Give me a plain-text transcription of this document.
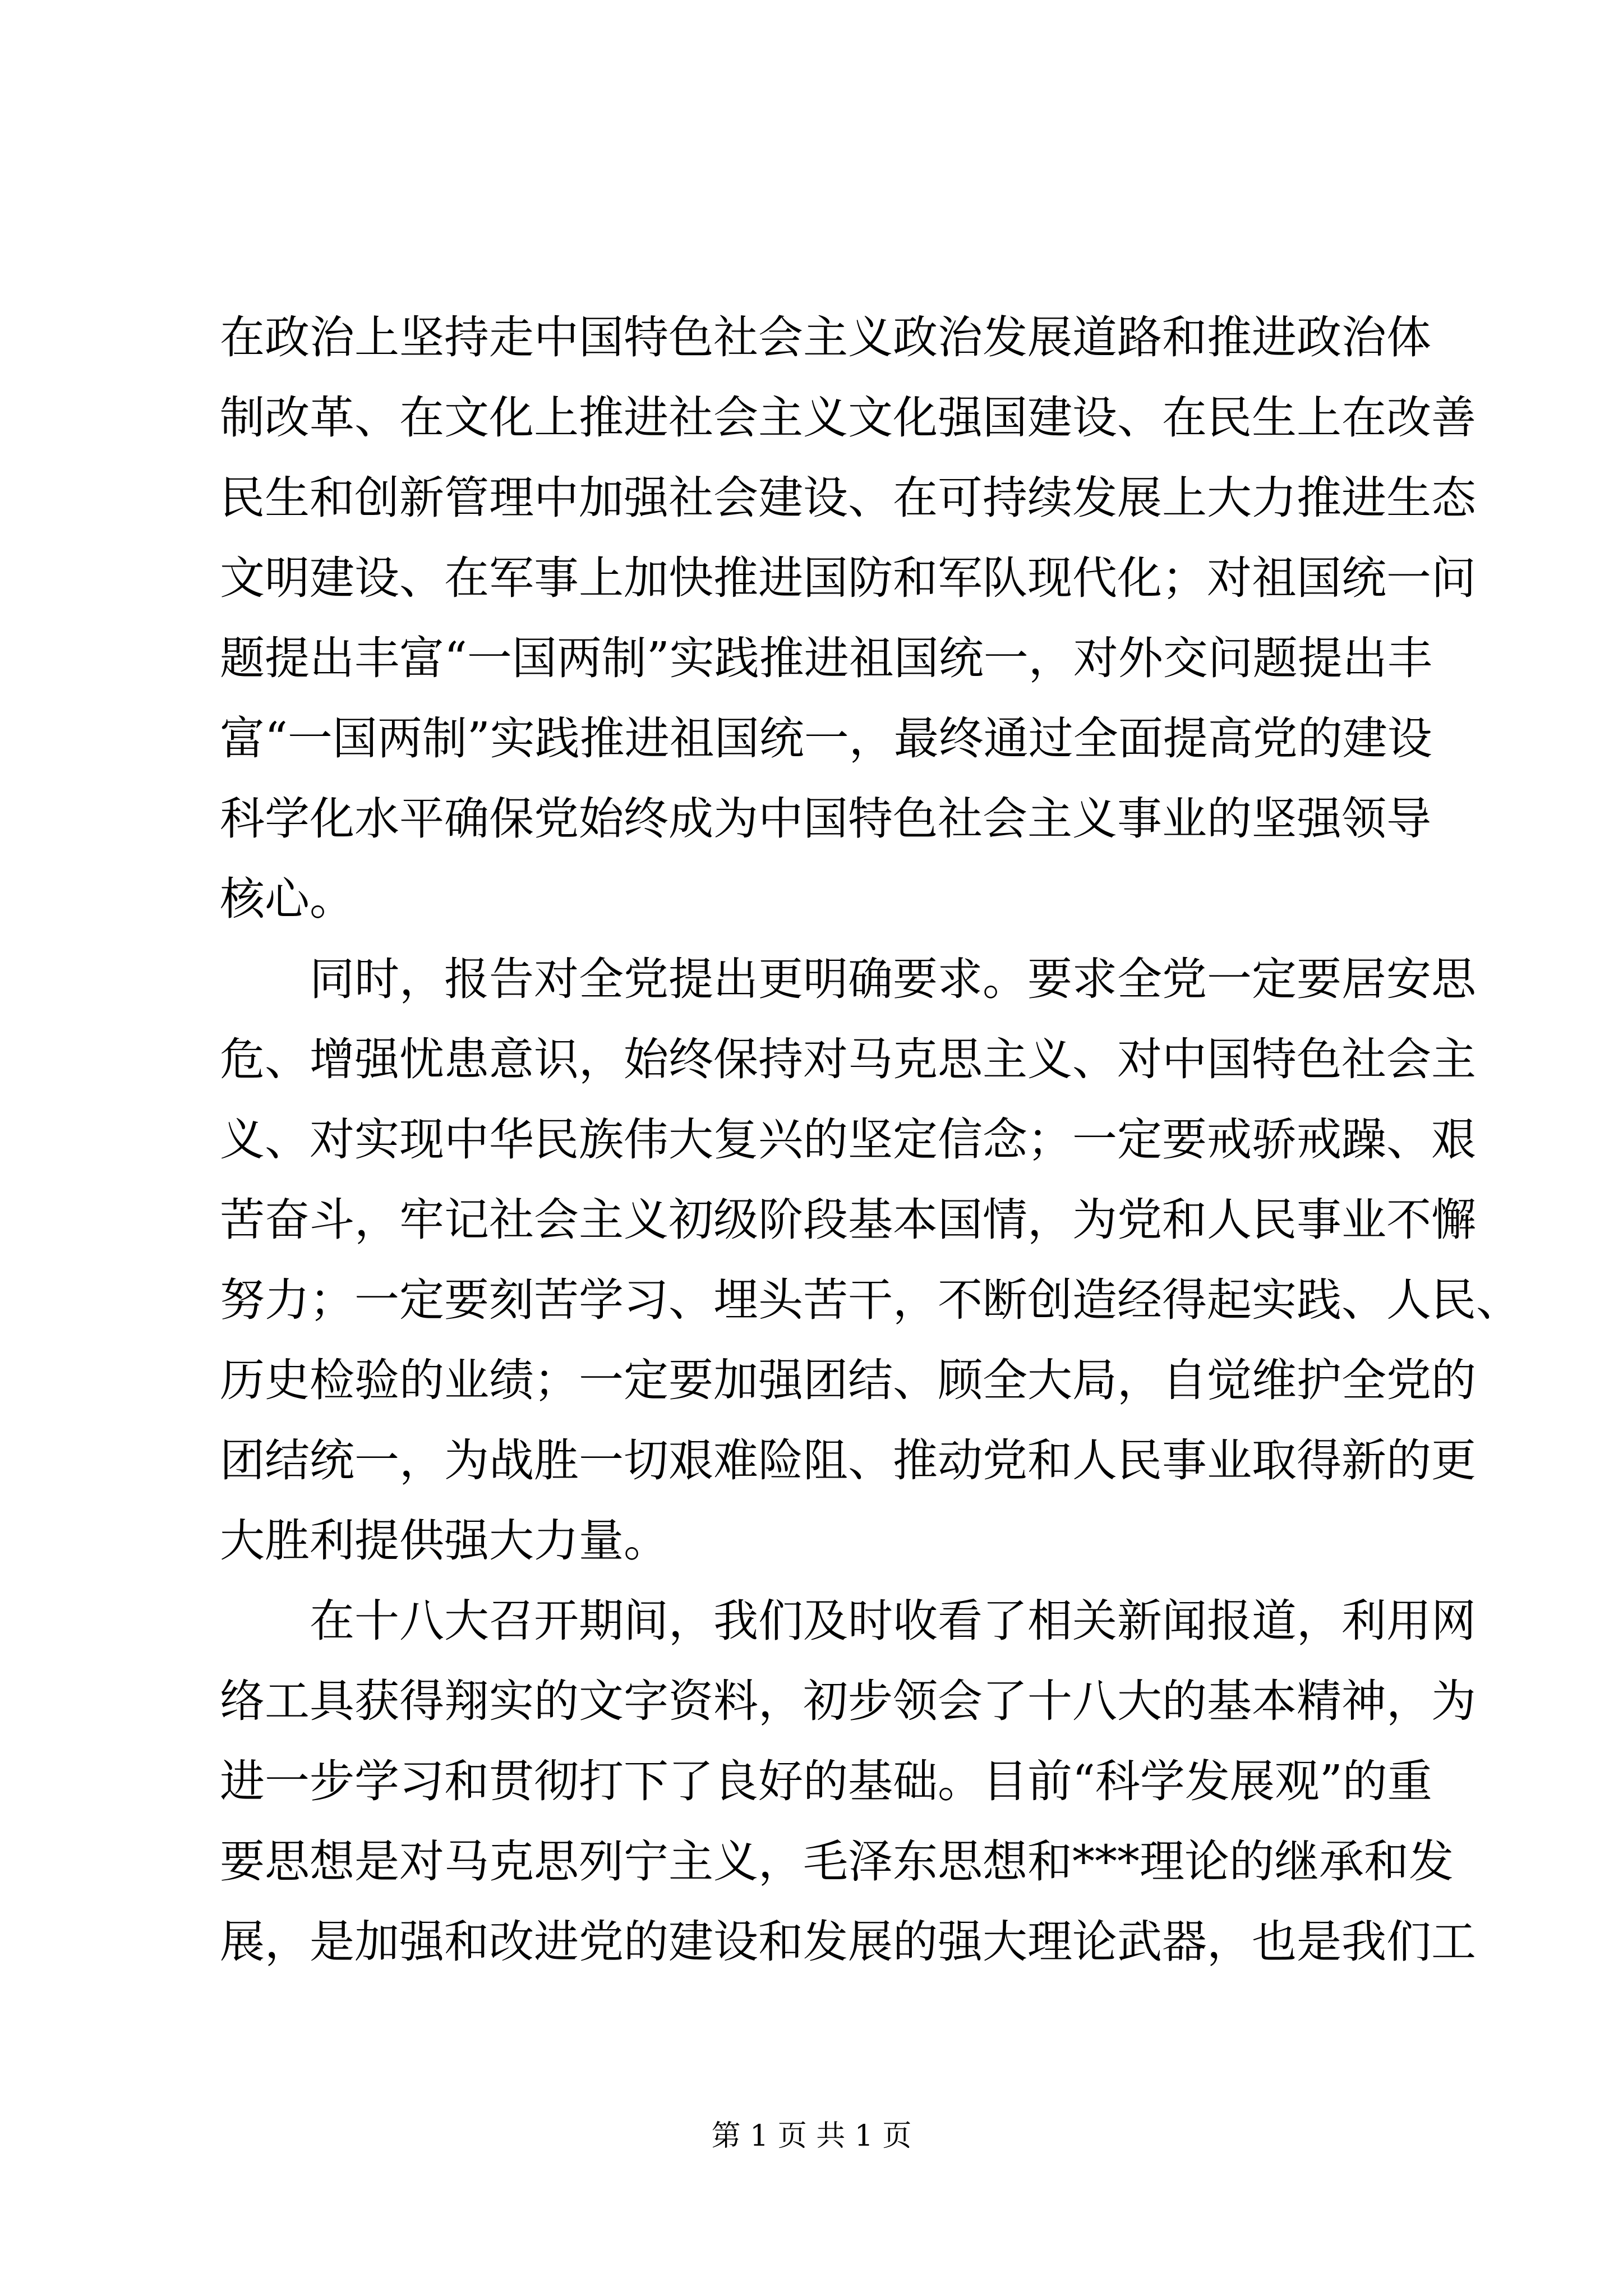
在政治上坚持走中国特色社会主义政治发展道路和推进政治体
制改革、在文化上推进社会主义文化强国建设、在民生上在改善
民生和创新管理中加强社会建设、在可持续发展上大力推进生态
文明建设、在军事上加快推进国防和军队现代化；对祖国统一问
题提出丰富“一国两制”实践推进祖国统一，对外交问题提出丰
富“一国两制”实践推进祖国统一，最终通过全面提高党的建设
科学化水平确保党始终成为中国特色社会主义事业的坚强领导
核心。
同时，报告对全党提出更明确要求。要求全党一定要居安思
危、增强忧患意识，始终保持对马克思主义、对中国特色社会主
义、对实现中华民族伟大复兴的坚定信念；一定要戒骄戒躁、艰
苦奋斗，牢记社会主义初级阶段基本国情，为党和人民事业不懈
努力；一定要刻苦学习、埋头苦干，不断创造经得起实践、人民、
历史检验的业绩；一定要加强团结、顾全大局，自觉维护全党的
团结统一，为战胜一切艰难险阻、推动党和人民事业取得新的更
大胜利提供强大力量。
在十八大召开期间，我们及时收看了相关新闻报道，利用网
络工具获得翔实的文字资料，初步领会了十八大的基本精神，为
进一步学习和贯彻打下了良好的基础。目前“科学发展观”的重
要思想是对马克思列宁主义，毛泽东思想和***理论的继承和发
展，是加强和改进党的建设和发展的强大理论武器，也是我们工
第 1 页 共 1 页
